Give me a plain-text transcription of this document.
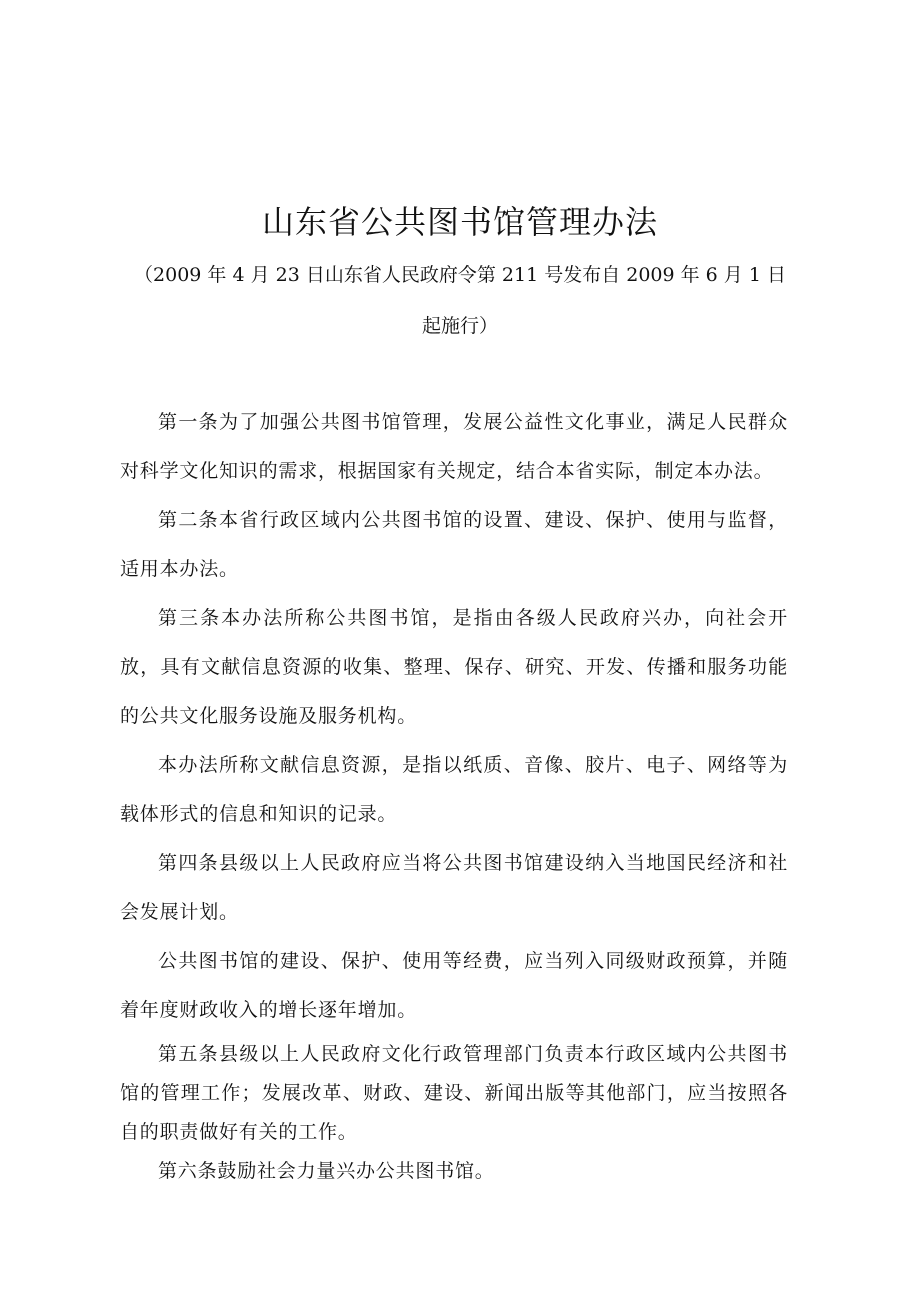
山东省公共图书馆管理办法

（2009 年 4 月 23 日山东省人民政府令第 211 号发布自 2009 年 6 月 1 日

起施行）

第一条为了加强公共图书馆管理，发展公益性文化事业，满足人民群众对科学文化知识的需求，根据国家有关规定，结合本省实际，制定本办法。

第二条本省行政区域内公共图书馆的设置、建设、保护、使用与监督，适用本办法。

第三条本办法所称公共图书馆，是指由各级人民政府兴办，向社会开放，具有文献信息资源的收集、整理、保存、研究、开发、传播和服务功能的公共文化服务设施及服务机构。

本办法所称文献信息资源，是指以纸质、音像、胶片、电子、网络等为载体形式的信息和知识的记录。

第四条县级以上人民政府应当将公共图书馆建设纳入当地国民经济和社会发展计划。

公共图书馆的建设、保护、使用等经费，应当列入同级财政预算，并随着年度财政收入的增长逐年增加。

第五条县级以上人民政府文化行政管理部门负责本行政区域内公共图书馆的管理工作；发展改革、财政、建设、新闻出版等其他部门，应当按照各自的职责做好有关的工作。

第六条鼓励社会力量兴办公共图书馆。
